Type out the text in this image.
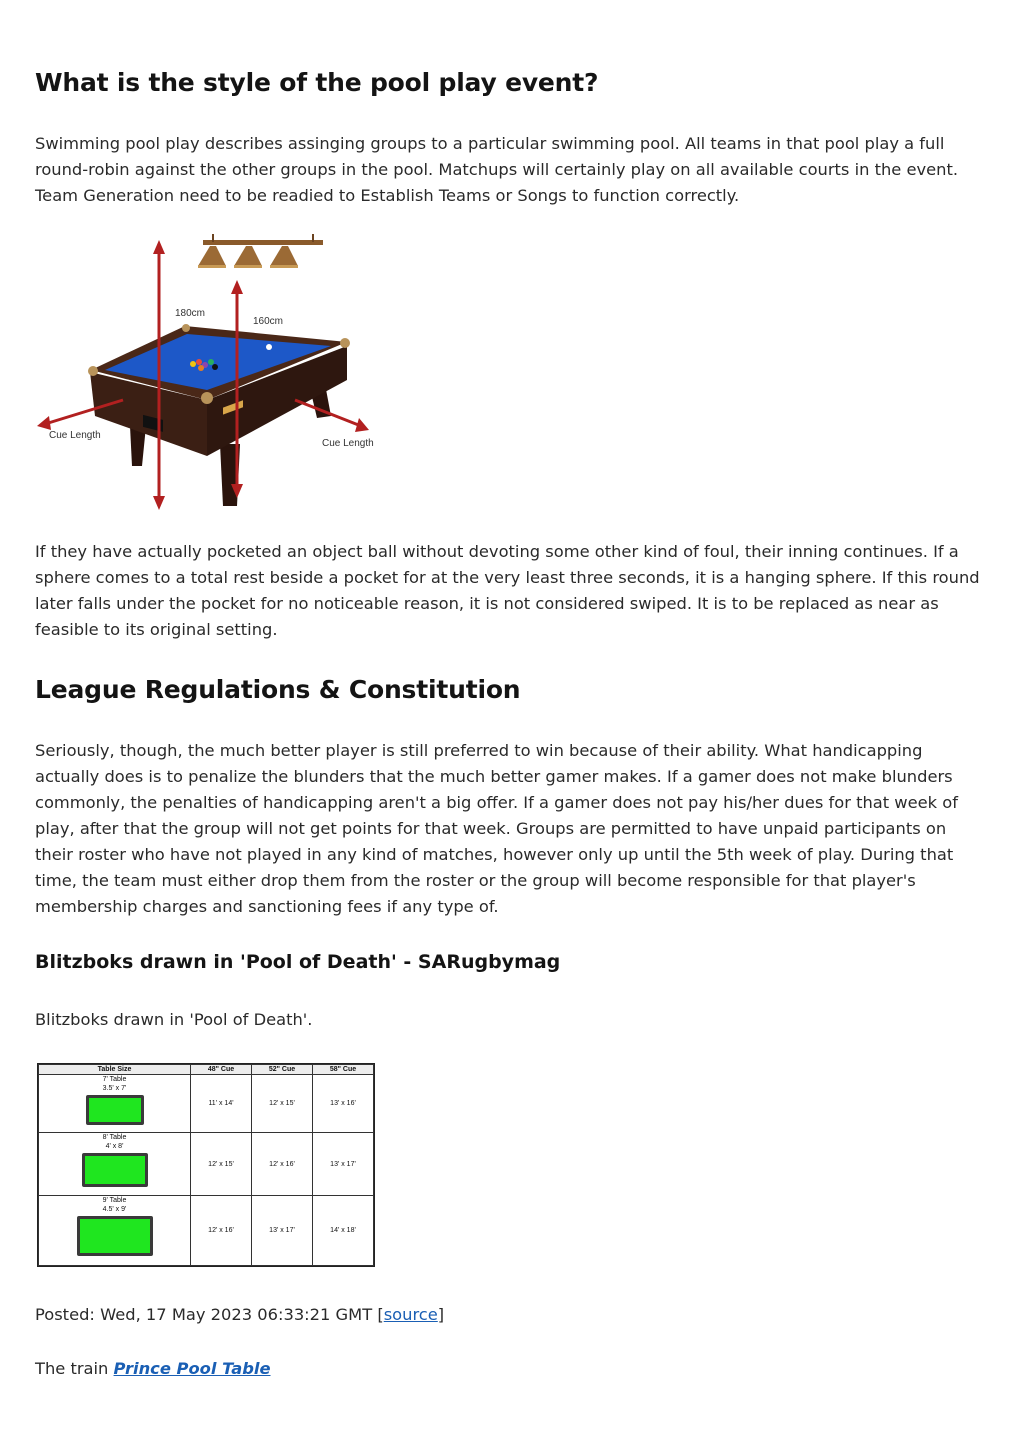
What is the style of the pool play event?

Swimming pool play describes assinging groups to a particular swimming pool. All teams in that pool play a full round-robin against the other groups in the pool. Matchups will certainly play on all available courts in the event. Team Generation need to be readied to Establish Teams or Songs to function correctly.

180cm
160cm
Cue Length
Cue Length

If they have actually pocketed an object ball without devoting some other kind of foul, their inning continues. If a sphere comes to a total rest beside a pocket for at the very least three seconds, it is a hanging sphere. If this round later falls under the pocket for no noticeable reason, it is not considered swiped. It is to be replaced as near as feasible to its original setting.

League Regulations & Constitution

Seriously, though, the much better player is still preferred to win because of their ability. What handicapping actually does is to penalize the blunders that the much better gamer makes. If a gamer does not make blunders commonly, the penalties of handicapping aren't a big offer. If a gamer does not pay his/her dues for that week of play, after that the group will not get points for that week. Groups are permitted to have unpaid participants on their roster who have not played in any kind of matches, however only up until the 5th week of play. During that time, the team must either drop them from the roster or the group will become responsible for that player's membership charges and sanctioning fees if any type of.

Blitzboks drawn in 'Pool of Death' - SARugbymag

Blitzboks drawn in 'Pool of Death'.

Table Size	48" Cue	52" Cue	58" Cue

7' Table
3.5' x 7'	11' x 14'	12' x 15'	13' x 16'

8' Table
4' x 8'	12' x 15'	12' x 16'	13' x 17'

9' Table
4.5' x 9'	12' x 16'	13' x 17'	14' x 18'

Posted: Wed, 17 May 2023 06:33:21 GMT [source]

The train Prince Pool Table
